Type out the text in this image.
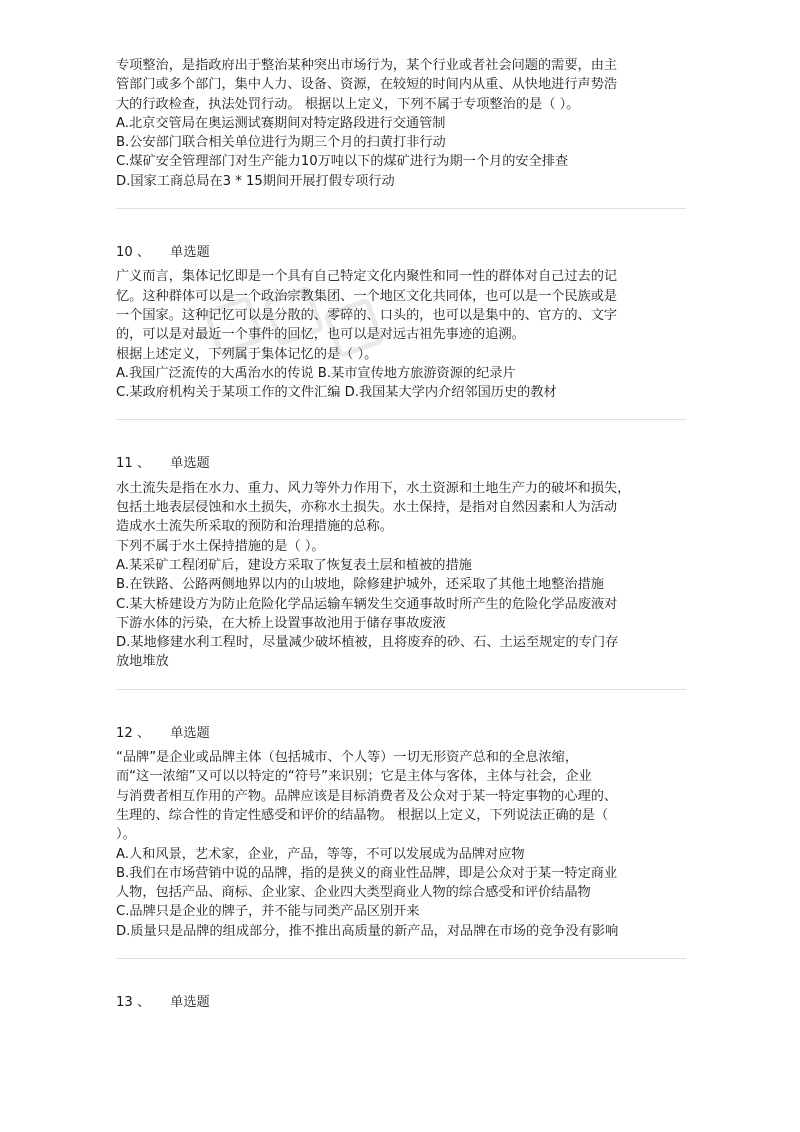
专项整治，是指政府出于整治某种突出市场行为，某个行业或者社会问题的需要，由主
管部门或多个部门，集中人力、设备、资源，在较短的时间内从重、从快地进行声势浩
大的行政检查，执法处罚行动。 根据以上定义，下列不属于专项整治的是（ ）。
A.北京交管局在奥运测试赛期间对特定路段进行交通管制
B.公安部门联合相关单位进行为期三个月的扫黄打非行动
C.煤矿安全管理部门对生产能力10万吨以下的煤矿进行为期一个月的安全排查
D.国家工商总局在3 * 15期间开展打假专项行动
10 、 单选题
广义而言，集体记忆即是一个具有自己特定文化内聚性和同一性的群体对自己过去的记
忆。这种群体可以是一个政治宗教集团、一个地区文化共同体，也可以是一个民族或是
一个国家。这种记忆可以是分散的、零碎的、口头的，也可以是集中的、官方的、文字
的，可以是对最近一个事件的回忆，也可以是对远古祖先事迹的追溯。
根据上述定义，下列属于集体记忆的是（ ）。
A.我国广泛流传的大禹治水的传说 B.某市宣传地方旅游资源的纪录片
C.某政府机构关于某项工作的文件汇编 D.我国某大学内介绍邻国历史的教材
11 、 单选题
水土流失是指在水力、重力、风力等外力作用下，水土资源和土地生产力的破坏和损失，
包括土地表层侵蚀和水土损失，亦称水土损失。水土保持，是指对自然因素和人为活动
造成水土流失所采取的预防和治理措施的总称。
下列不属于水土保持措施的是（ ）。
A.某采矿工程闭矿后，建设方采取了恢复表土层和植被的措施
B.在铁路、公路两侧地界以内的山坡地，除修建护城外，还采取了其他土地整治措施
C.某大桥建设方为防止危险化学品运输车辆发生交通事故时所产生的危险化学品废液对
下游水体的污染，在大桥上设置事故池用于储存事故废液
D.某地修建水利工程时，尽量减少破坏植被，且将废弃的砂、石、土运至规定的专门存
放地堆放
12 、 单选题
“品牌”是企业或品牌主体（包括城市、个人等）一切无形资产总和的全息浓缩，
而“这一浓缩”又可以以特定的“符号”来识别；它是主体与客体，主体与社会，企业
与消费者相互作用的产物。品牌应该是目标消费者及公众对于某一特定事物的心理的、
生理的、综合性的肯定性感受和评价的结晶物。 根据以上定义，下列说法正确的是（
）。
A.人和风景，艺术家，企业，产品，等等，不可以发展成为品牌对应物
B.我们在市场营销中说的品牌，指的是狭义的商业性品牌，即是公众对于某一特定商业
人物，包括产品、商标、企业家、企业四大类型商业人物的综合感受和评价结晶物
C.品牌只是企业的牌子，并不能与同类产品区别开来
D.质量只是品牌的组成部分，推不推出高质量的新产品，对品牌在市场的竞争没有影响
13 、 单选题
